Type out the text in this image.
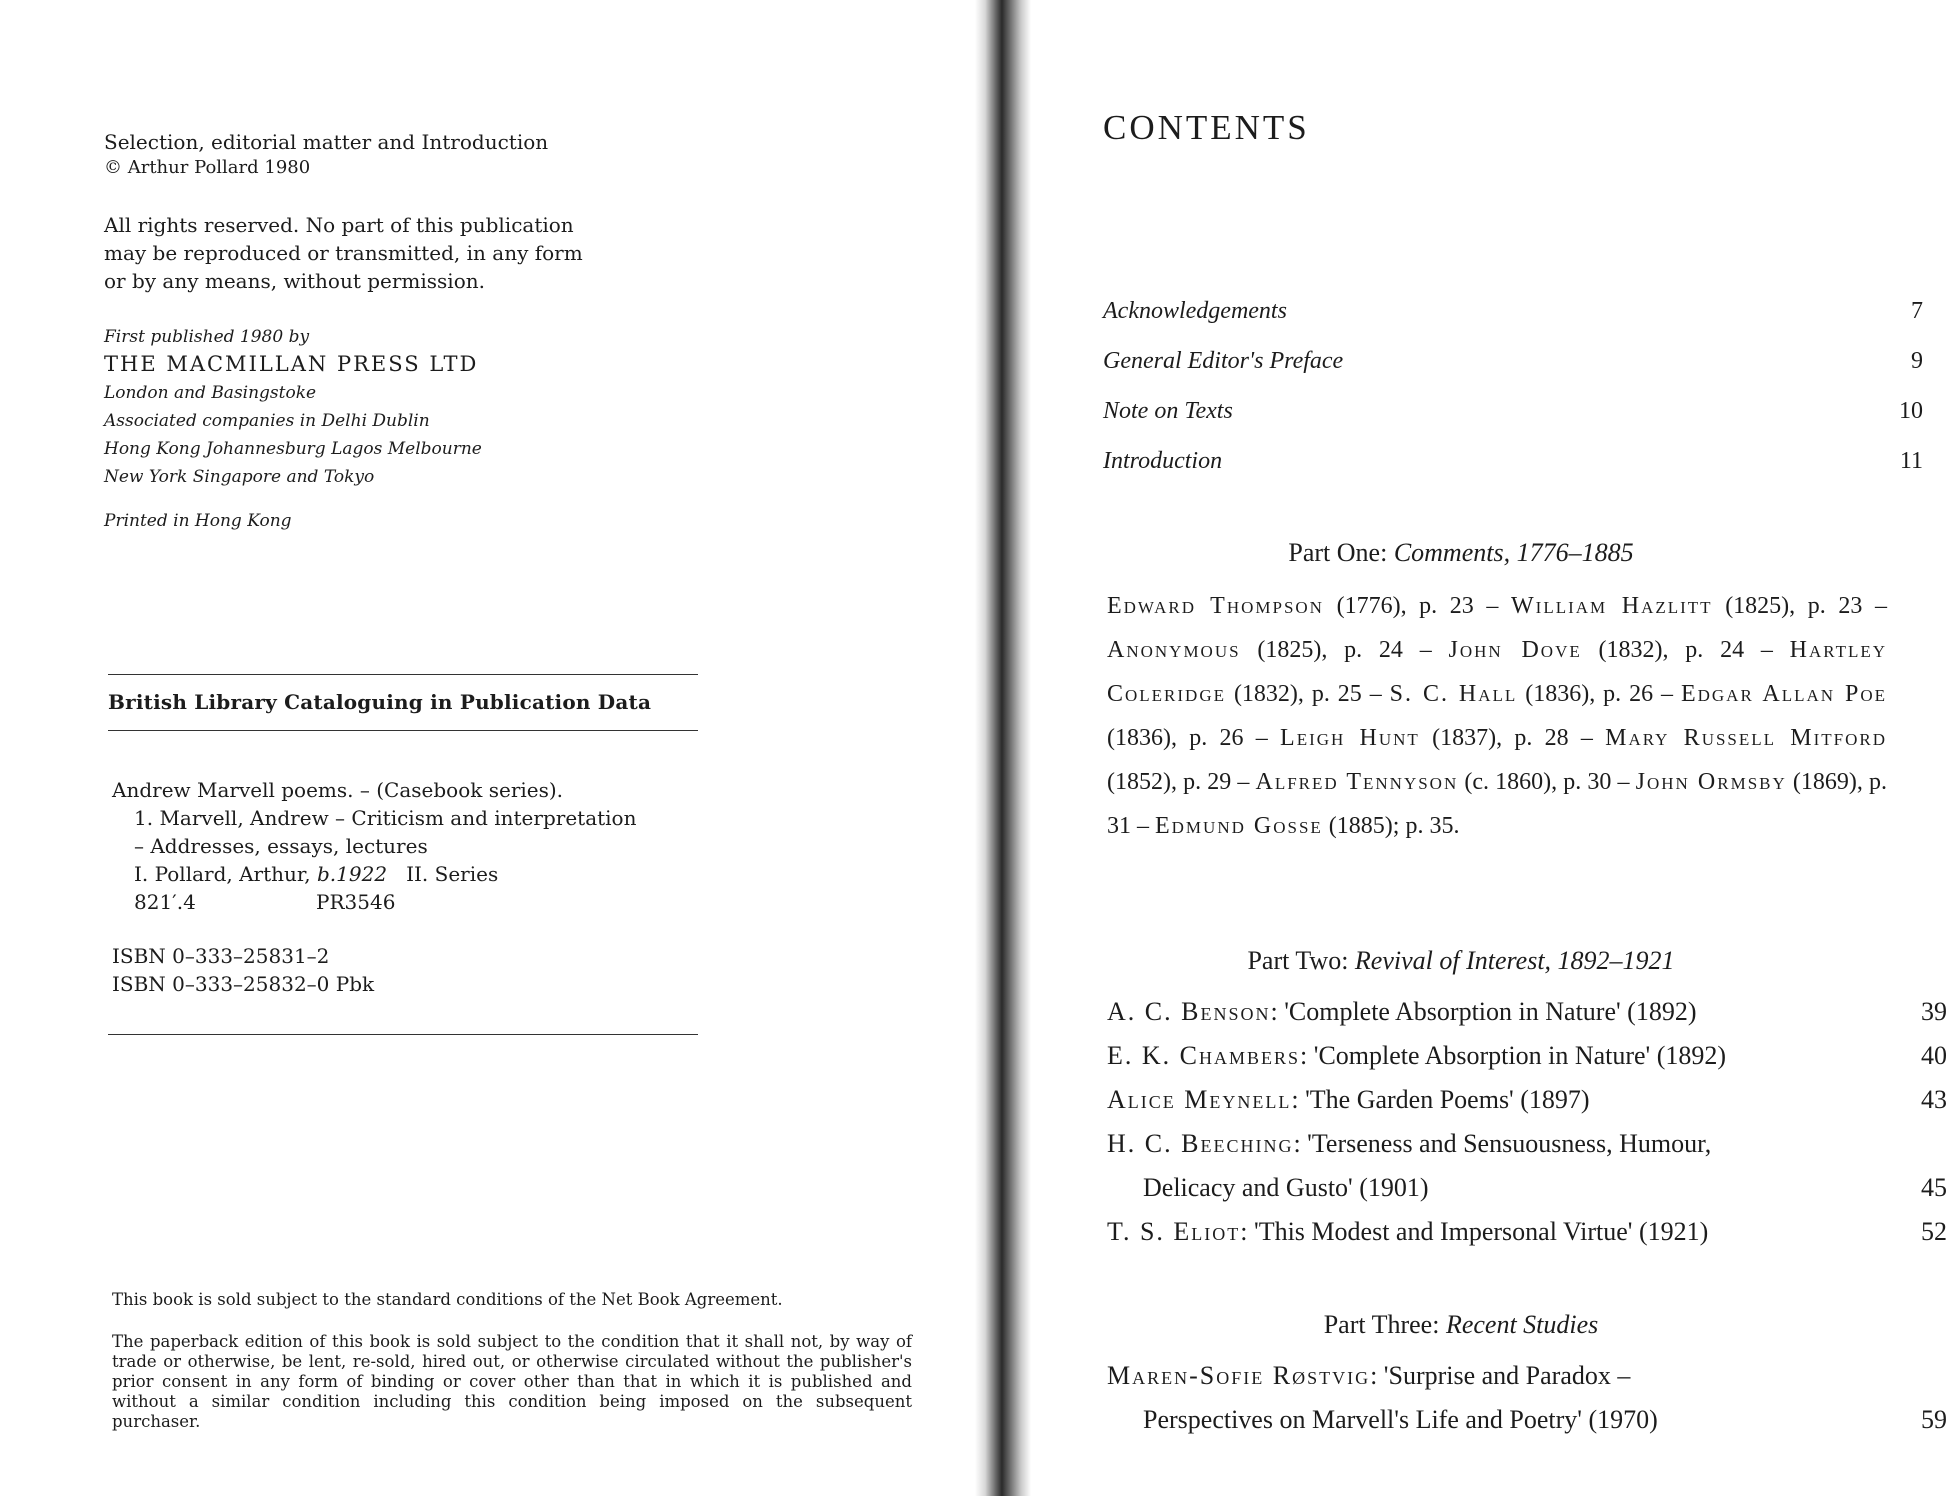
Selection, editorial matter and Introduction
© Arthur Pollard 1980
All rights reserved. No part of this publication
may be reproduced or transmitted, in any form
or by any means, without permission.
First published 1980 by
THE MACMILLAN PRESS LTD
London and Basingstoke
Associated companies in Delhi Dublin
Hong Kong Johannesburg Lagos Melbourne
New York Singapore and Tokyo
Printed in Hong Kong
British Library Cataloguing in Publication Data
Andrew Marvell poems. – (Casebook series).
1. Marvell, Andrew – Criticism and interpretation
– Addresses, essays, lectures
I. Pollard, Arthur, b.1922   II. Series
821′.4	PR3546
ISBN 0–333–25831–2
ISBN 0–333–25832–0 Pbk
This book is sold subject to the standard conditions of the Net Book Agreement.
The paperback edition of this book is sold subject to the condition that it shall not, by way of trade or otherwise, be lent, re-sold, hired out, or otherwise circulated without the publisher's prior consent in any form of binding or cover other than that in which it is published and without a similar condition including this condition being imposed on the subsequent purchaser.
CONTENTS
Acknowledgements	7
General Editor's Preface	9
Note on Texts	10
Introduction	11
Part One: Comments, 1776–1885
Edward Thompson (1776), p. 23 – William Hazlitt (1825), p. 23 – Anonymous (1825), p. 24 – John Dove (1832), p. 24 – Hartley Coleridge (1832), p. 25 – S. C. Hall (1836), p. 26 – Edgar Allan Poe (1836), p. 26 – Leigh Hunt (1837), p. 28 – Mary Russell Mitford (1852), p. 29 – Alfred Tennyson (c. 1860), p. 30 – John Ormsby (1869), p. 31 – Edmund Gosse (1885); p. 35.
Part Two: Revival of Interest, 1892–1921
A. C. Benson: 'Complete Absorption in Nature' (1892)	39
E. K. Chambers: 'Complete Absorption in Nature' (1892)	40
Alice Meynell: 'The Garden Poems' (1897)	43
H. C. Beeching: 'Terseness and Sensuousness, Humour,
Delicacy and Gusto' (1901)	45
T. S. Eliot: 'This Modest and Impersonal Virtue' (1921)	52
Part Three: Recent Studies
Maren-Sofie Røstvig: 'Surprise and Paradox –
Perspectives on Marvell's Life and Poetry' (1970)	59
